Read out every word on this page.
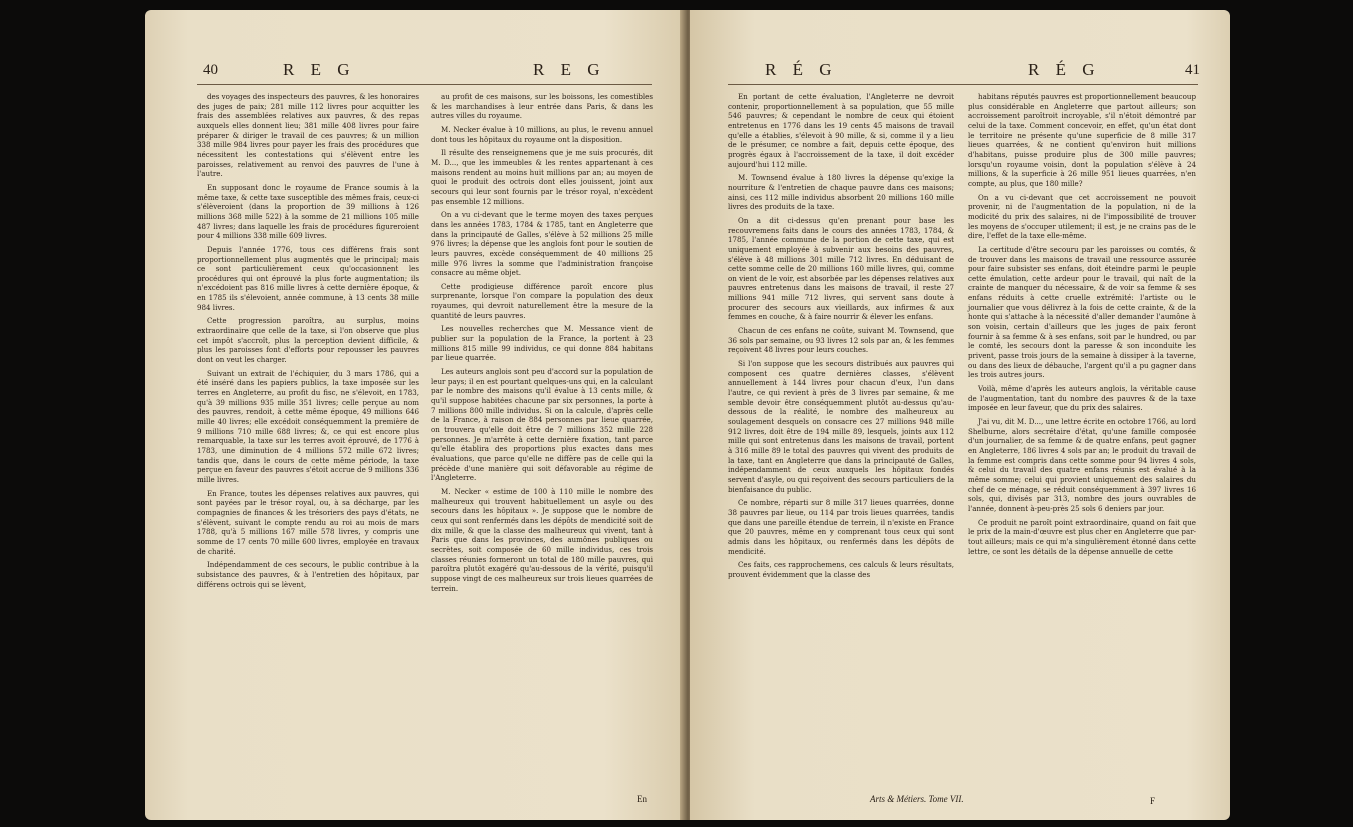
40	R E G	R E G

des voyages des inspecteurs des pauvres, & les honoraires des juges de paix; 281 mille 112 livres pour acquitter les frais des assemblées relatives aux pauvres, & des repas auxquels elles donnent lieu; 381 mille 408 livres pour faire préparer & diriger le travail de ces pauvres; & un million 338 mille 984 livres pour payer les frais des procédures que nécessitent les contestations qui s'élèvent entre les paroisses, relativement au renvoi des pauvres de l'une à l'autre.

En supposant donc le royaume de France soumis à la même taxe, & cette taxe susceptible des mêmes frais, ceux-ci s'élèveroient (dans la proportion de 39 millions à 126 millions 368 mille 522) à la somme de 21 millions 105 mille 487 livres; dans laquelle les frais de procédures figureroient pour 4 millions 338 mille 609 livres.

Depuis l'année 1776, tous ces différens frais sont proportionnellement plus augmentés que le principal; mais ce sont particulièrement ceux qu'occasionnent les procédures qui ont éprouvé la plus forte augmentation; ils n'excédoient pas 816 mille livres à cette dernière époque, & en 1785 ils s'élevoient, année commune, à 13 cents 38 mille 984 livres.

Cette progression paroîtra, au surplus, moins extraordinaire que celle de la taxe, si l'on observe que plus cet impôt s'accroît, plus la perception devient difficile, & plus les paroisses font d'efforts pour repousser les pauvres dont on veut les charger.

Suivant un extrait de l'échiquier, du 3 mars 1786, qui a été inséré dans les papiers publics, la taxe imposée sur les terres en Angleterre, au profit du fisc, ne s'élevoit, en 1783, qu'à 39 millions 935 mille 351 livres; celle perçue au nom des pauvres, rendoit, à cette même époque, 49 millions 646 mille 40 livres; elle excédoit conséquemment la première de 9 millions 710 mille 688 livres; &, ce qui est encore plus remarquable, la taxe sur les terres avoit éprouvé, de 1776 à 1783, une diminution de 4 millions 572 mille 672 livres; tandis que, dans le cours de cette même période, la taxe perçue en faveur des pauvres s'étoit accrue de 9 millions 336 mille livres.

En France, toutes les dépenses relatives aux pauvres, qui sont payées par le trésor royal, ou, à sa décharge, par les compagnies de finances & les trésoriers des pays d'états, ne s'élèvent, suivant le compte rendu au roi au mois de mars 1788, qu'à 5 millions 167 mille 578 livres, y compris une somme de 17 cents 70 mille 600 livres, employée en travaux de charité.

Indépendamment de ces secours, le public contribue à la subsistance des pauvres, & à l'entretien des hôpitaux, par différens octrois qui se lèvent,

au profit de ces maisons, sur les boissons, les comestibles & les marchandises à leur entrée dans Paris, & dans les autres villes du royaume.

M. Necker évalue à 10 millions, au plus, le revenu annuel dont tous les hôpitaux du royaume ont la disposition.

Il résulte des renseignemens que je me suis procurés, dit M. D..., que les immeubles & les rentes appartenant à ces maisons rendent au moins huit millions par an; au moyen de quoi le produit des octrois dont elles jouissent, joint aux secours qui leur sont fournis par le trésor royal, n'excèdent pas ensemble 12 millions.

On a vu ci-devant que le terme moyen des taxes perçues dans les années 1783, 1784 & 1785, tant en Angleterre que dans la principauté de Galles, s'élève à 52 millions 25 mille 976 livres; la dépense que les anglois font pour le soutien de leurs pauvres, excède conséquemment de 40 millions 25 mille 976 livres la somme que l'administration françoise consacre au même objet.

Cette prodigieuse différence paroît encore plus surprenante, lorsque l'on compare la population des deux royaumes, qui devroit naturellement être la mesure de la quantité de leurs pauvres.

Les nouvelles recherches que M. Messance vient de publier sur la population de la France, la portent à 23 millions 815 mille 99 individus, ce qui donne 884 habitans par lieue quarrée.

Les auteurs anglois sont peu d'accord sur la population de leur pays; il en est pourtant quelques-uns qui, en la calculant par le nombre des maisons qu'il évalue à 13 cents mille, & qu'il suppose habitées chacune par six personnes, la porte à 7 millions 800 mille individus. Si on la calcule, d'après celle de la France, à raison de 884 personnes par lieue quarrée, on trouvera qu'elle doit être de 7 millions 352 mille 228 personnes. Je m'arrête à cette dernière fixation, tant parce qu'elle établira des proportions plus exactes dans mes évaluations, que parce qu'elle ne diffère pas de celle qui la précède d'une manière qui soit défavorable au régime de l'Angleterre.

M. Necker « estime de 100 à 110 mille le nombre des malheureux qui trouvent habituellement un asyle ou des secours dans les hôpitaux ». Je suppose que le nombre de ceux qui sont renfermés dans les dépôts de mendicité soit de dix mille, & que la classe des malheureux qui vivent, tant à Paris que dans les provinces, des aumônes publiques ou secrètes, soit composée de 60 mille individus, ces trois classes réunies formeront un total de 180 mille pauvres, qui paroîtra plutôt exagéré qu'au-dessous de la vérité, puisqu'il suppose vingt de ces malheureux sur trois lieues quarrées de terrein.

En
R É G	R É G	41

En portant de cette évaluation, l'Angleterre ne devroit contenir, proportionnellement à sa population, que 55 mille 546 pauvres; & cependant le nombre de ceux qui étoient entretenus en 1776 dans les 19 cents 45 maisons de travail qu'elle a établies, s'élevoit à 90 mille, & si, comme il y a lieu de le présumer, ce nombre a fait, depuis cette époque, des progrès égaux à l'accroissement de la taxe, il doit excéder aujourd'hui 112 mille.

M. Townsend évalue à 180 livres la dépense qu'exige la nourriture & l'entretien de chaque pauvre dans ces maisons; ainsi, ces 112 mille individus absorbent 20 millions 160 mille livres des produits de la taxe.

On a dit ci-dessus qu'en prenant pour base les recouvremens faits dans le cours des années 1783, 1784, & 1785, l'année commune de la portion de cette taxe, qui est uniquement employée à subvenir aux besoins des pauvres, s'élève à 48 millions 301 mille 712 livres. En déduisant de cette somme celle de 20 millions 160 mille livres, qui, comme on vient de le voir, est absorbée par les dépenses relatives aux pauvres entretenus dans les maisons de travail, il reste 27 millions 941 mille 712 livres, qui servent sans doute à procurer des secours aux vieillards, aux infirmes & aux femmes en couche, & à faire nourrir & élever les enfans.

Chacun de ces enfans ne coûte, suivant M. Townsend, que 36 sols par semaine, ou 93 livres 12 sols par an, & les femmes reçoivent 48 livres pour leurs couches.

Si l'on suppose que les secours distribués aux pauvres qui composent ces quatre dernières classes, s'élèvent annuellement à 144 livres pour chacun d'eux, l'un dans l'autre, ce qui revient à près de 3 livres par semaine, & me semble devoir être conséquemment plutôt au-dessus qu'au-dessous de la réalité, le nombre des malheureux au soulagement desquels on consacre ces 27 millions 948 mille 912 livres, doit être de 194 mille 89, lesquels, joints aux 112 mille qui sont entretenus dans les maisons de travail, portent à 316 mille 89 le total des pauvres qui vivent des produits de la taxe, tant en Angleterre que dans la principauté de Galles, indépendamment de ceux auxquels les hôpitaux fondés servent d'asyle, ou qui reçoivent des secours particuliers de la bienfaisance du public.

Ce nombre, réparti sur 8 mille 317 lieues quarrées, donne 38 pauvres par lieue, ou 114 par trois lieues quarrées, tandis que dans une pareille étendue de terrein, il n'existe en France que 20 pauvres, même en y comprenant tous ceux qui sont admis dans les hôpitaux, ou renfermés dans les dépôts de mendicité.

Ces faits, ces rapprochemens, ces calculs & leurs résultats, prouvent évidemment que la classe des

habitans réputés pauvres est proportionnellement beaucoup plus considérable en Angleterre que partout ailleurs; son accroissement paroîtroit incroyable, s'il n'étoit démontré par celui de la taxe. Comment concevoir, en effet, qu'un état dont le territoire ne présente qu'une superficie de 8 mille 317 lieues quarrées, & ne contient qu'environ huit millions d'habitans, puisse produire plus de 300 mille pauvres; lorsqu'un royaume voisin, dont la population s'élève à 24 millions, & la superficie à 26 mille 951 lieues quarrées, n'en compte, au plus, que 180 mille?

On a vu ci-devant que cet accroissement ne pouvoit provenir, ni de l'augmentation de la population, ni de la modicité du prix des salaires, ni de l'impossibilité de trouver les moyens de s'occuper utilement; il est, je ne crains pas de le dire, l'effet de la taxe elle-même.

La certitude d'être secouru par les paroisses ou comtés, & de trouver dans les maisons de travail une ressource assurée pour faire subsister ses enfans, doit éteindre parmi le peuple cette émulation, cette ardeur pour le travail, qui naît de la crainte de manquer du nécessaire, & de voir sa femme & ses enfans réduits à cette cruelle extrémité: l'artiste ou le journalier que vous délivrez à la fois de cette crainte, & de la honte qui s'attache à la nécessité d'aller demander l'aumône à son voisin, certain d'ailleurs que les juges de paix feront fournir à sa femme & à ses enfans, soit par le hundred, ou par le comté, les secours dont la paresse & son inconduite les privent, passe trois jours de la semaine à dissiper à la taverne, ou dans des lieux de débauche, l'argent qu'il a pu gagner dans les trois autres jours.

Voilà, même d'après les auteurs anglois, la véritable cause de l'augmentation, tant du nombre des pauvres & de la taxe imposée en leur faveur, que du prix des salaires.

J'ai vu, dit M. D..., une lettre écrite en octobre 1766, au lord Shelburne, alors secrétaire d'état, qu'une famille composée d'un journalier, de sa femme & de quatre enfans, peut gagner en Angleterre, 186 livres 4 sols par an; le produit du travail de la femme est compris dans cette somme pour 94 livres 4 sols, & celui du travail des quatre enfans réunis est évalué à la même somme; celui qui provient uniquement des salaires du chef de ce ménage, se réduit conséquemment à 397 livres 16 sols, qui, divisés par 313, nombre des jours ouvrables de l'année, donnent à-peu-près 25 sols 6 deniers par jour.

Ce produit ne paroît point extraordinaire, quand on fait que le prix de la main-d'œuvre est plus cher en Angleterre que par-tout ailleurs; mais ce qui m'a singulièrement étonné dans cette lettre, ce sont les détails de la dépense annuelle de cette

Arts & Métiers. Tome VII.	F
